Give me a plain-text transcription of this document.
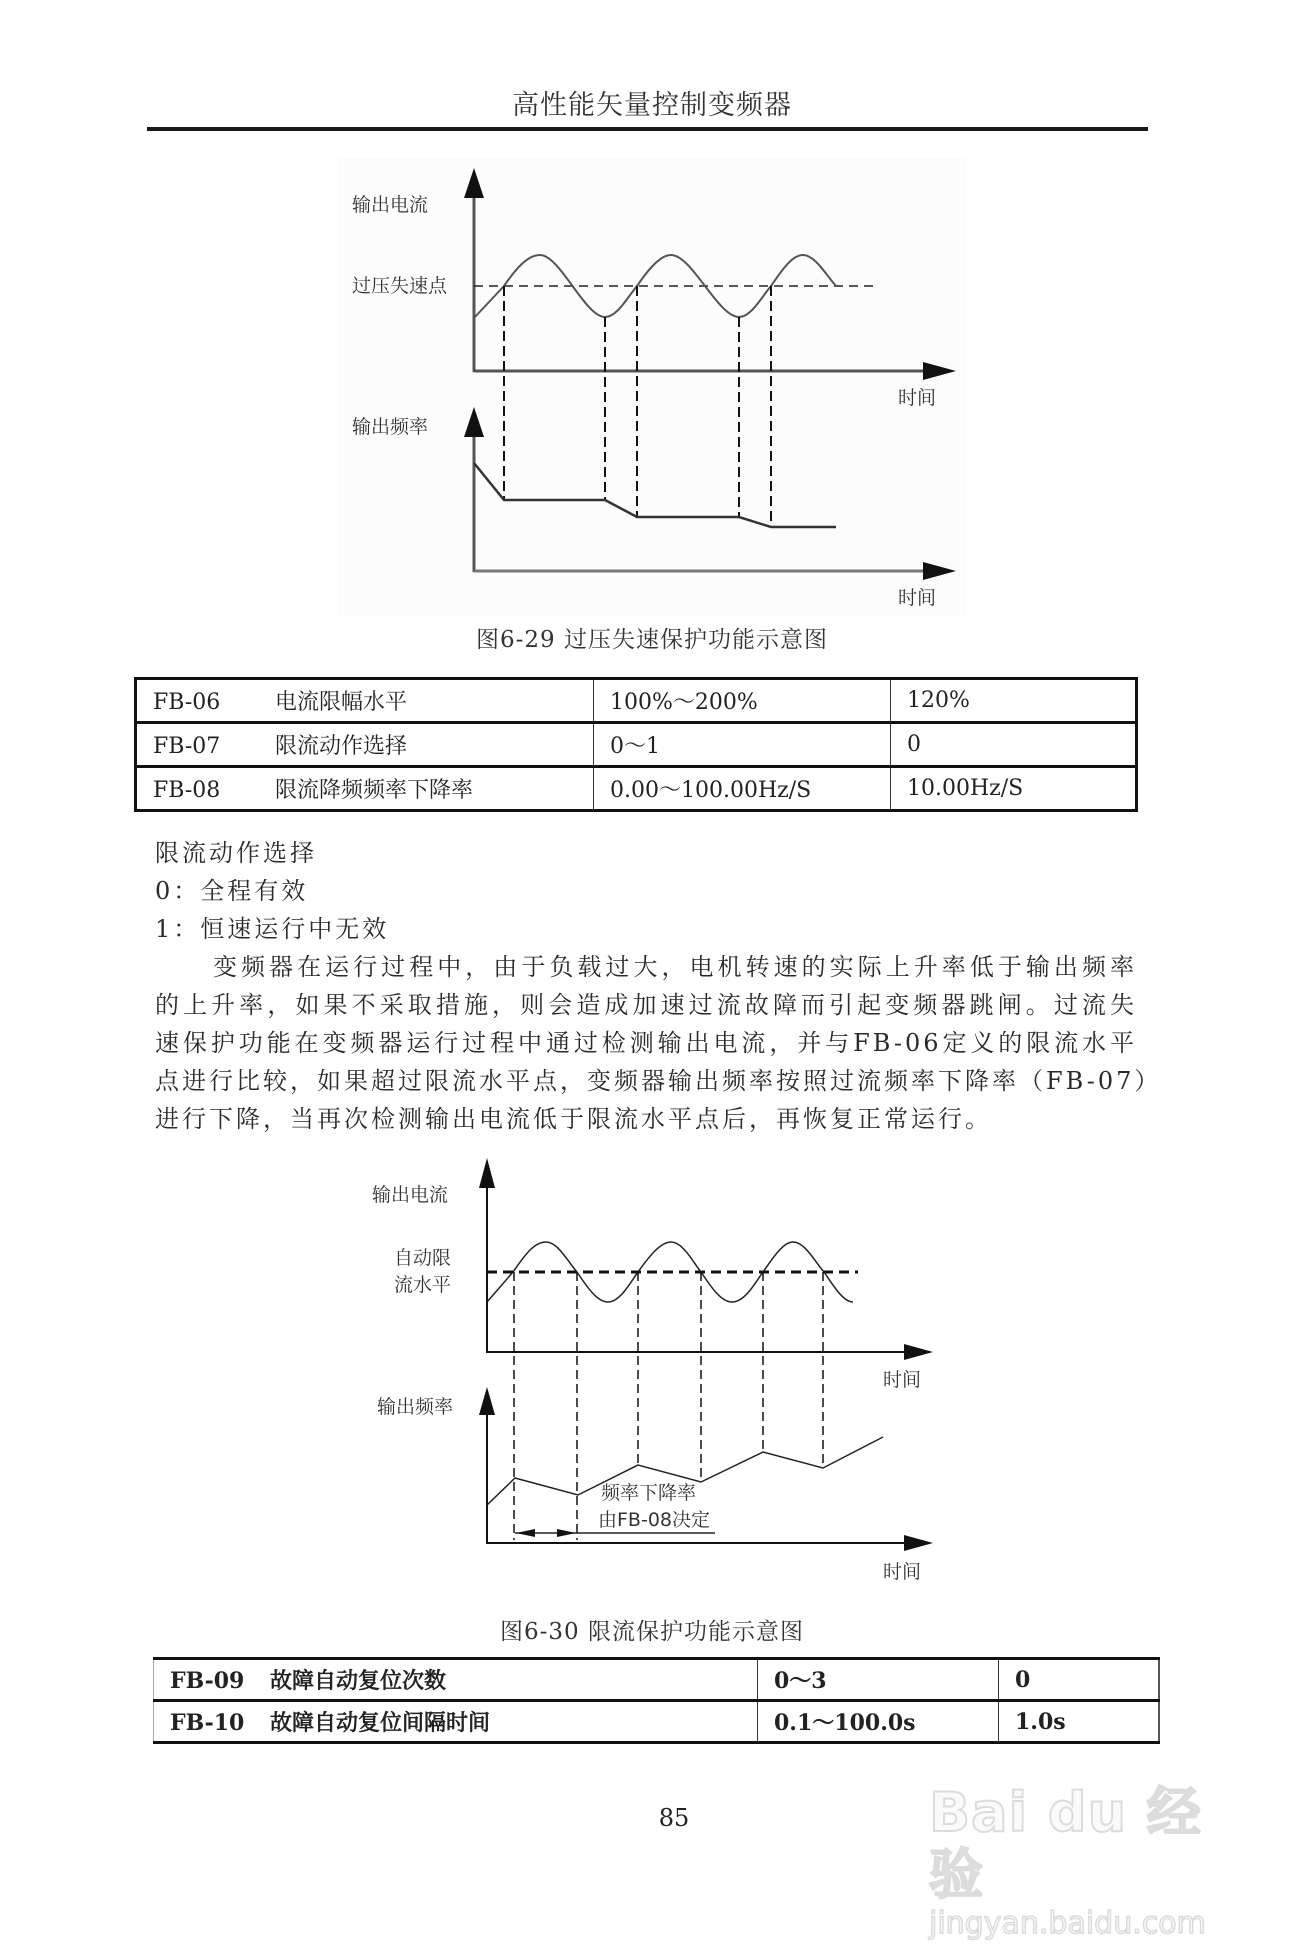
高性能矢量控制变频器
输出电流
过压失速点
时间
输出频率
时间
图6-29 过压失速保护功能示意图
FB-06 电流限幅水平	100%～200%	120%
FB-07 限流动作选择	0～1	0
FB-08 限流降频频率下降率	0.00～100.00Hz/S	10.00Hz/S
限流动作选择
0：全程有效
1：恒速运行中无效
变频器在运行过程中，由于负载过大，电机转速的实际上升率低于输出频率
的上升率，如果不采取措施，则会造成加速过流故障而引起变频器跳闸。过流失
速保护功能在变频器运行过程中通过检测输出电流，并与FB-06定义的限流水平
点进行比较，如果超过限流水平点，变频器输出频率按照过流频率下降率（FB-07）
进行下降，当再次检测输出电流低于限流水平点后，再恢复正常运行。
输出电流
自动限
流水平
时间
输出频率
频率下降率
由FB-08决定
时间
图6-30 限流保护功能示意图
FB-09 故障自动复位次数	0～3	0
FB-10 故障自动复位间隔时间	0.1～100.0s	1.0s
85	Bai du 经验
jingyan.baidu.com
